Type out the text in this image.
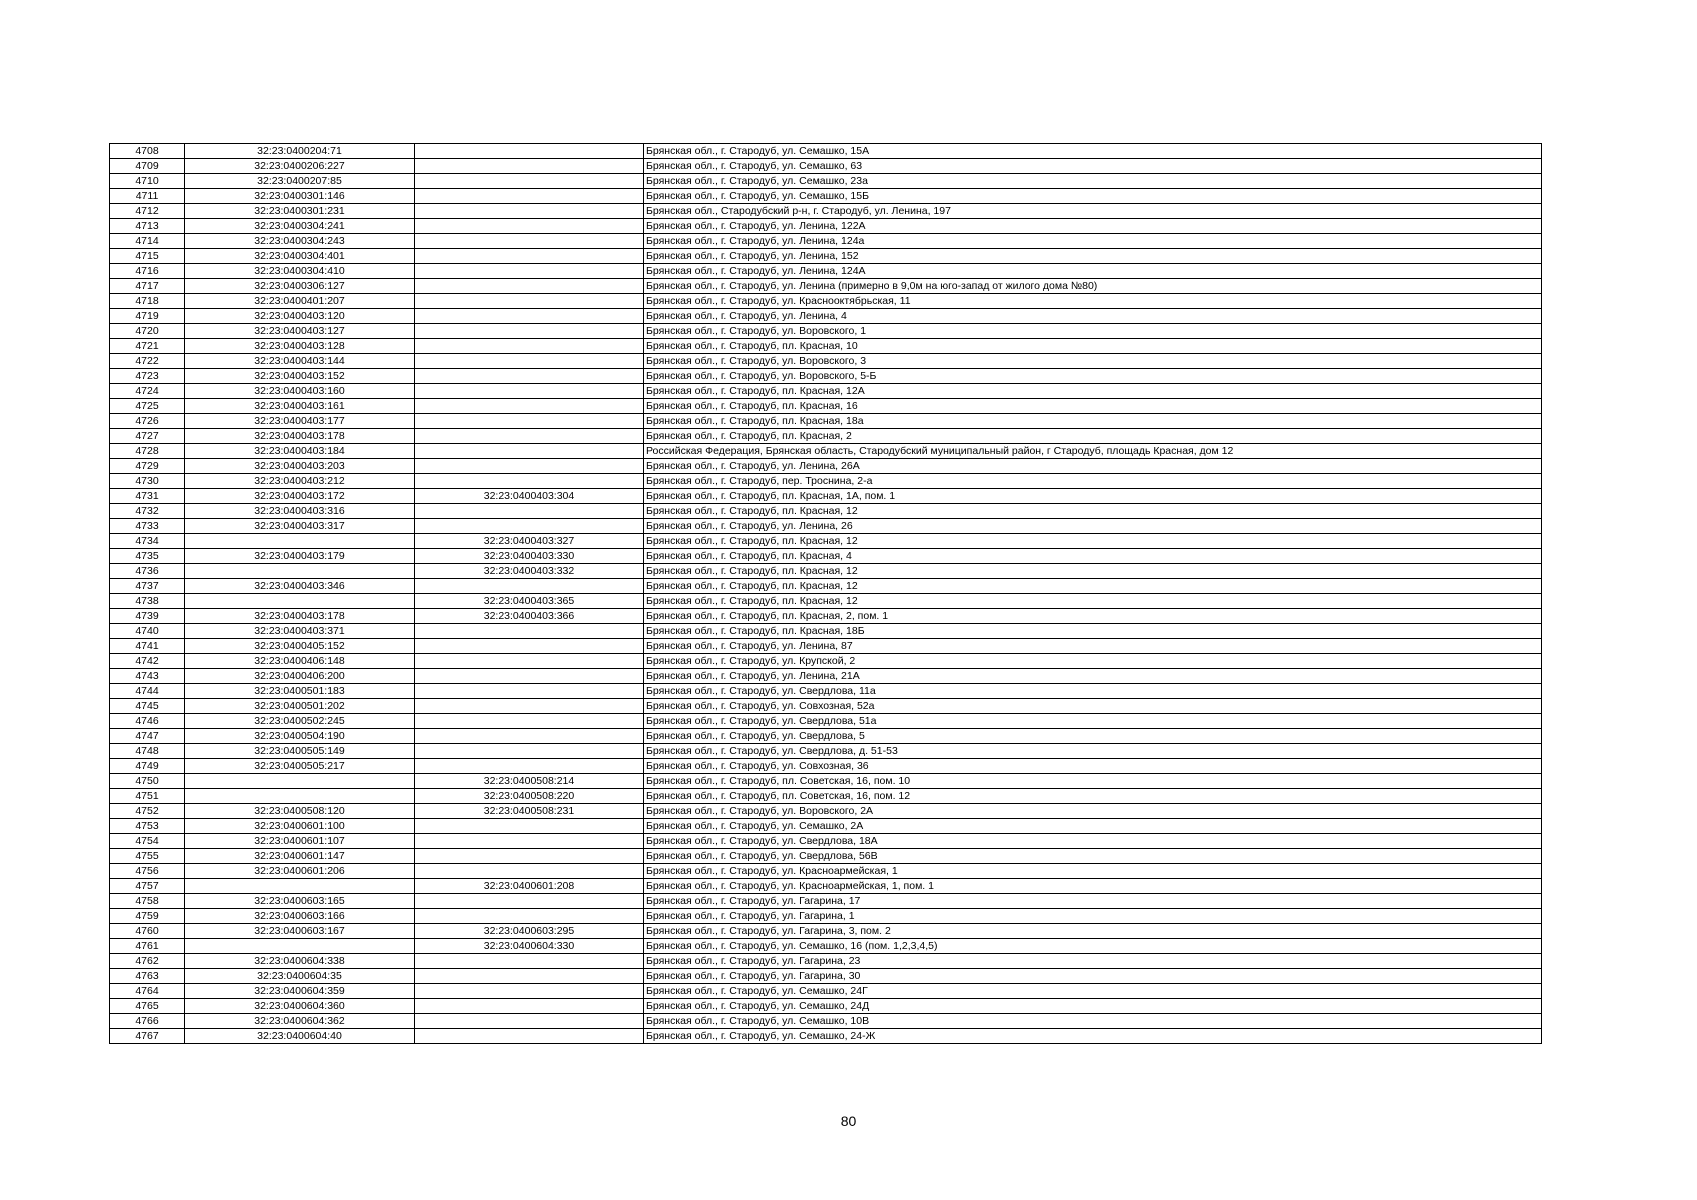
4708	32:23:0400204:71		Брянская обл., г. Стародуб, ул. Семашко, 15А
4709	32:23:0400206:227		Брянская обл., г. Стародуб, ул. Семашко, 63
4710	32:23:0400207:85		Брянская обл., г. Стародуб, ул. Семашко, 23а
4711	32:23:0400301:146		Брянская обл., г. Стародуб, ул. Семашко, 15Б
4712	32:23:0400301:231		Брянская обл., Стародубский р-н, г. Стародуб, ул. Ленина, 197
4713	32:23:0400304:241		Брянская обл., г. Стародуб, ул. Ленина, 122А
4714	32:23:0400304:243		Брянская обл., г. Стародуб, ул. Ленина, 124а
4715	32:23:0400304:401		Брянская обл., г. Стародуб, ул. Ленина, 152
4716	32:23:0400304:410		Брянская обл., г. Стародуб, ул. Ленина, 124А
4717	32:23:0400306:127		Брянская обл., г. Стародуб, ул. Ленина (примерно в 9,0м на юго-запад от жилого дома №80)
4718	32:23:0400401:207		Брянская обл., г. Стародуб, ул. Краснооктябрьская, 11
4719	32:23:0400403:120		Брянская обл., г. Стародуб, ул. Ленина, 4
4720	32:23:0400403:127		Брянская обл., г. Стародуб, ул. Воровского, 1
4721	32:23:0400403:128		Брянская обл., г. Стародуб, пл. Красная, 10
4722	32:23:0400403:144		Брянская обл., г. Стародуб, ул. Воровского, 3
4723	32:23:0400403:152		Брянская обл., г. Стародуб, ул. Воровского, 5-Б
4724	32:23:0400403:160		Брянская обл., г. Стародуб, пл. Красная, 12А
4725	32:23:0400403:161		Брянская обл., г. Стародуб, пл. Красная, 16
4726	32:23:0400403:177		Брянская обл., г. Стародуб, пл. Красная, 18а
4727	32:23:0400403:178		Брянская обл., г. Стародуб, пл. Красная, 2
4728	32:23:0400403:184		Российская Федерация, Брянская область, Стародубский муниципальный район, г Стародуб, площадь Красная, дом 12
4729	32:23:0400403:203		Брянская обл., г. Стародуб, ул. Ленина, 26А
4730	32:23:0400403:212		Брянская обл., г. Стародуб, пер. Троснина, 2-а
4731	32:23:0400403:172	32:23:0400403:304	Брянская обл., г. Стародуб, пл. Красная, 1А, пом. 1
4732	32:23:0400403:316		Брянская обл., г. Стародуб, пл. Красная, 12
4733	32:23:0400403:317		Брянская обл., г. Стародуб, ул. Ленина, 26
4734		32:23:0400403:327	Брянская обл., г. Стародуб, пл. Красная, 12
4735	32:23:0400403:179	32:23:0400403:330	Брянская обл., г. Стародуб, пл. Красная, 4
4736		32:23:0400403:332	Брянская обл., г. Стародуб, пл. Красная, 12
4737	32:23:0400403:346		Брянская обл., г. Стародуб, пл. Красная, 12
4738		32:23:0400403:365	Брянская обл., г. Стародуб, пл. Красная, 12
4739	32:23:0400403:178	32:23:0400403:366	Брянская обл., г. Стародуб, пл. Красная, 2, пом. 1
4740	32:23:0400403:371		Брянская обл., г. Стародуб, пл. Красная, 18Б
4741	32:23:0400405:152		Брянская обл., г. Стародуб, ул. Ленина, 87
4742	32:23:0400406:148		Брянская обл., г. Стародуб, ул. Крупской, 2
4743	32:23:0400406:200		Брянская обл., г. Стародуб, ул. Ленина, 21А
4744	32:23:0400501:183		Брянская обл., г. Стародуб, ул. Свердлова, 11а
4745	32:23:0400501:202		Брянская обл., г. Стародуб, ул. Совхозная, 52а
4746	32:23:0400502:245		Брянская обл., г. Стародуб, ул. Свердлова, 51а
4747	32:23:0400504:190		Брянская обл., г. Стародуб, ул. Свердлова, 5
4748	32:23:0400505:149		Брянская обл., г. Стародуб, ул. Свердлова, д. 51-53
4749	32:23:0400505:217		Брянская обл., г. Стародуб, ул. Совхозная, 36
4750		32:23:0400508:214	Брянская обл., г. Стародуб, пл. Советская, 16, пом. 10
4751		32:23:0400508:220	Брянская обл., г. Стародуб, пл. Советская, 16, пом. 12
4752	32:23:0400508:120	32:23:0400508:231	Брянская обл., г. Стародуб, ул. Воровского, 2А
4753	32:23:0400601:100		Брянская обл., г. Стародуб, ул. Семашко, 2А
4754	32:23:0400601:107		Брянская обл., г. Стародуб, ул. Свердлова, 18А
4755	32:23:0400601:147		Брянская обл., г. Стародуб, ул. Свердлова, 56В
4756	32:23:0400601:206		Брянская обл., г. Стародуб, ул. Красноармейская, 1
4757		32:23:0400601:208	Брянская обл., г. Стародуб, ул. Красноармейская, 1, пом. 1
4758	32:23:0400603:165		Брянская обл., г. Стародуб, ул. Гагарина, 17
4759	32:23:0400603:166		Брянская обл., г. Стародуб, ул. Гагарина, 1
4760	32:23:0400603:167	32:23:0400603:295	Брянская обл., г. Стародуб, ул. Гагарина, 3, пом. 2
4761		32:23:0400604:330	Брянская обл., г. Стародуб, ул. Семашко, 16 (пом. 1,2,3,4,5)
4762	32:23:0400604:338		Брянская обл., г. Стародуб, ул. Гагарина, 23
4763	32:23:0400604:35		Брянская обл., г. Стародуб, ул. Гагарина, 30
4764	32:23:0400604:359		Брянская обл., г. Стародуб, ул. Семашко, 24Г
4765	32:23:0400604:360		Брянская обл., г. Стародуб, ул. Семашко, 24Д
4766	32:23:0400604:362		Брянская обл., г. Стародуб, ул. Семашко, 10В
4767	32:23:0400604:40		Брянская обл., г. Стародуб, ул. Семашко, 24-Ж
80
